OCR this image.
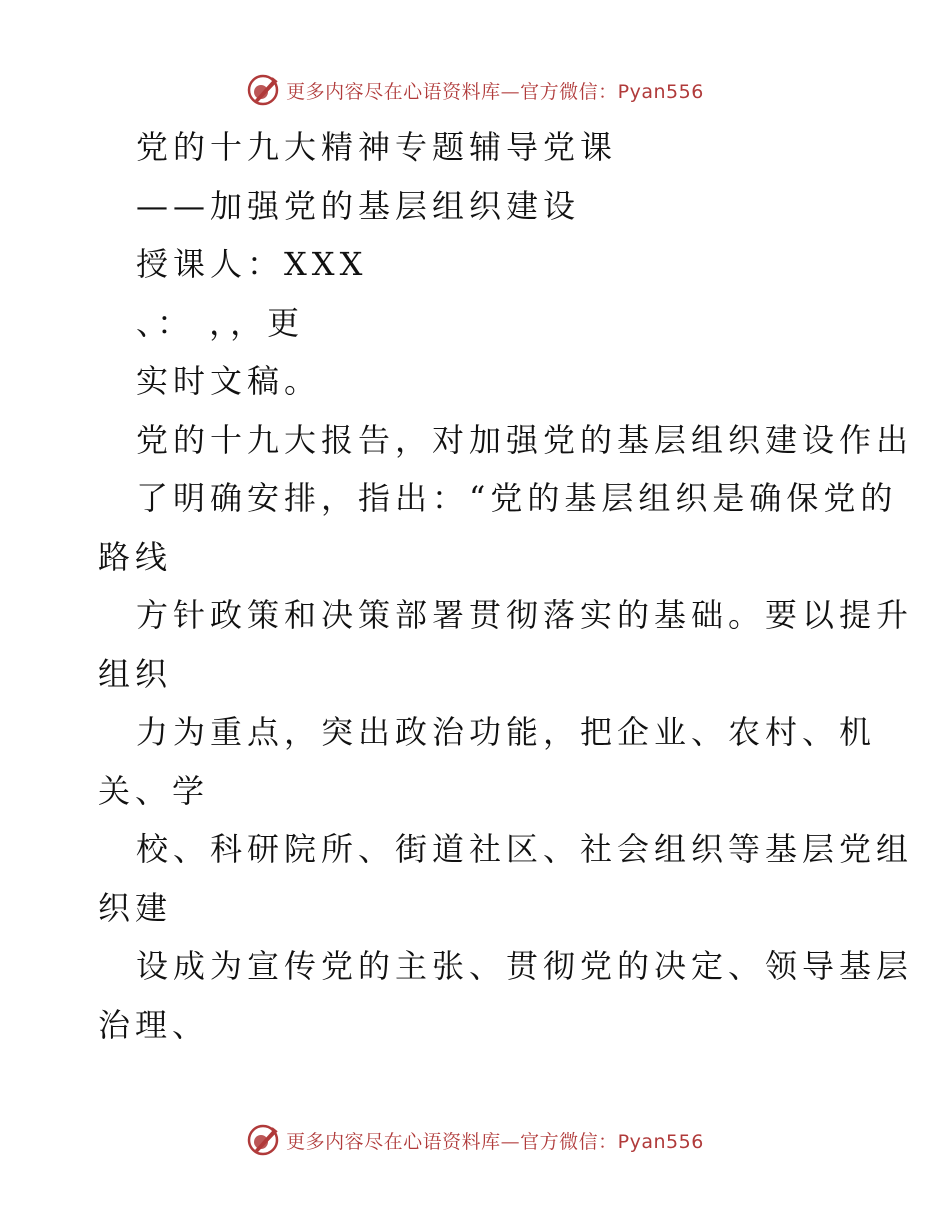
更多内容尽在心语资料库—官方微信：Pyan556
党的十九大精神专题辅导党课
——加强党的基层组织建设
授课人：XXX
、： ，，更
实时文稿。
党的十九大报告，对加强党的基层组织建设作出
了明确安排，指出：“党的基层组织是确保党的
路线
方针政策和决策部署贯彻落实的基础。要以提升
组织
力为重点，突出政治功能，把企业、农村、机
关、学
校、科研院所、街道社区、社会组织等基层党组
织建
设成为宣传党的主张、贯彻党的决定、领导基层
治理、
更多内容尽在心语资料库—官方微信：Pyan556
